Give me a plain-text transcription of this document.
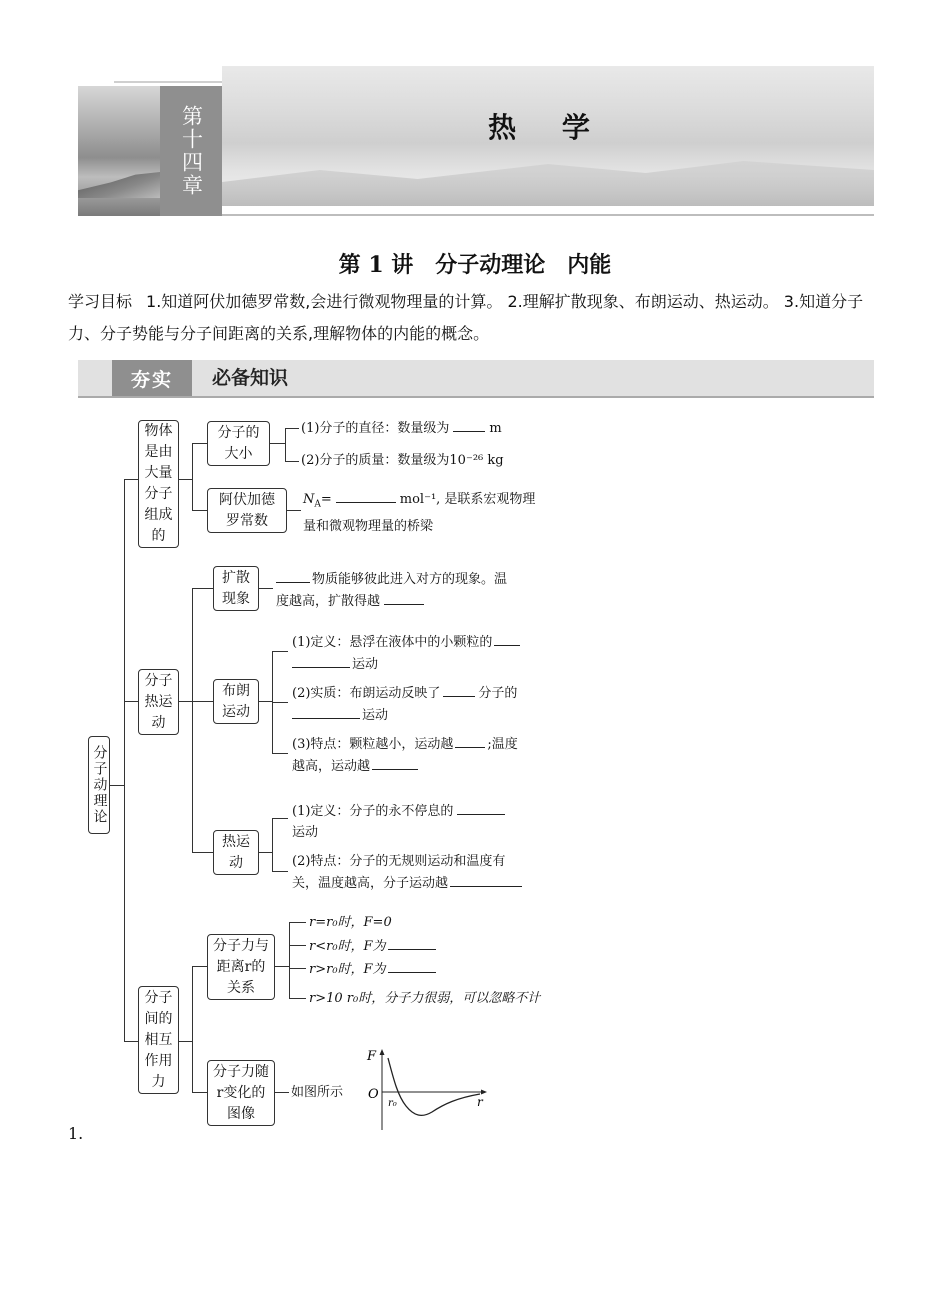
第十四章	热 学
第 1 讲　分子动理论　内能
学习目标 1.知道阿伏加德罗常数,会进行微观物理量的计算。 2.理解扩散现象、布朗运动、热运动。 3.知道分子力、分子势能与分子间距离的关系,理解物体的内能的概念。
夯实	必备知识
分子动理论
物体是由大量分子组成的
分子的大小
阿伏加德罗常数
分子热运动
扩散现象
布朗运动
热运动
分子间的相互作用力
分子力与距离r的关系
分子力随r变化的图像
(1)分子的直径：数量级为	m
(2)分子的质量：数量级为10⁻²⁶ kg
$N_A=$	mol⁻¹, 是联系宏观物理
量和微观物理量的桥梁
物质能够彼此进入对方的现象。温
度越高，扩散得越
(1)定义：悬浮在液体中的小颗粒的
运动
(2)实质：布朗运动反映了	分子的
运动
(3)特点：颗粒越小，运动越	;温度
越高，运动越
(1)定义：分子的永不停息的
运动
(2)特点：分子的无规则运动和温度有
关，温度越高，分子运动越
r=r₀时，F=0
r<r₀时，F为
r>r₀时，F为
r>10 r₀时，分子力很弱，可以忽略不计
如图所示
F
O
r₀	r
1.
